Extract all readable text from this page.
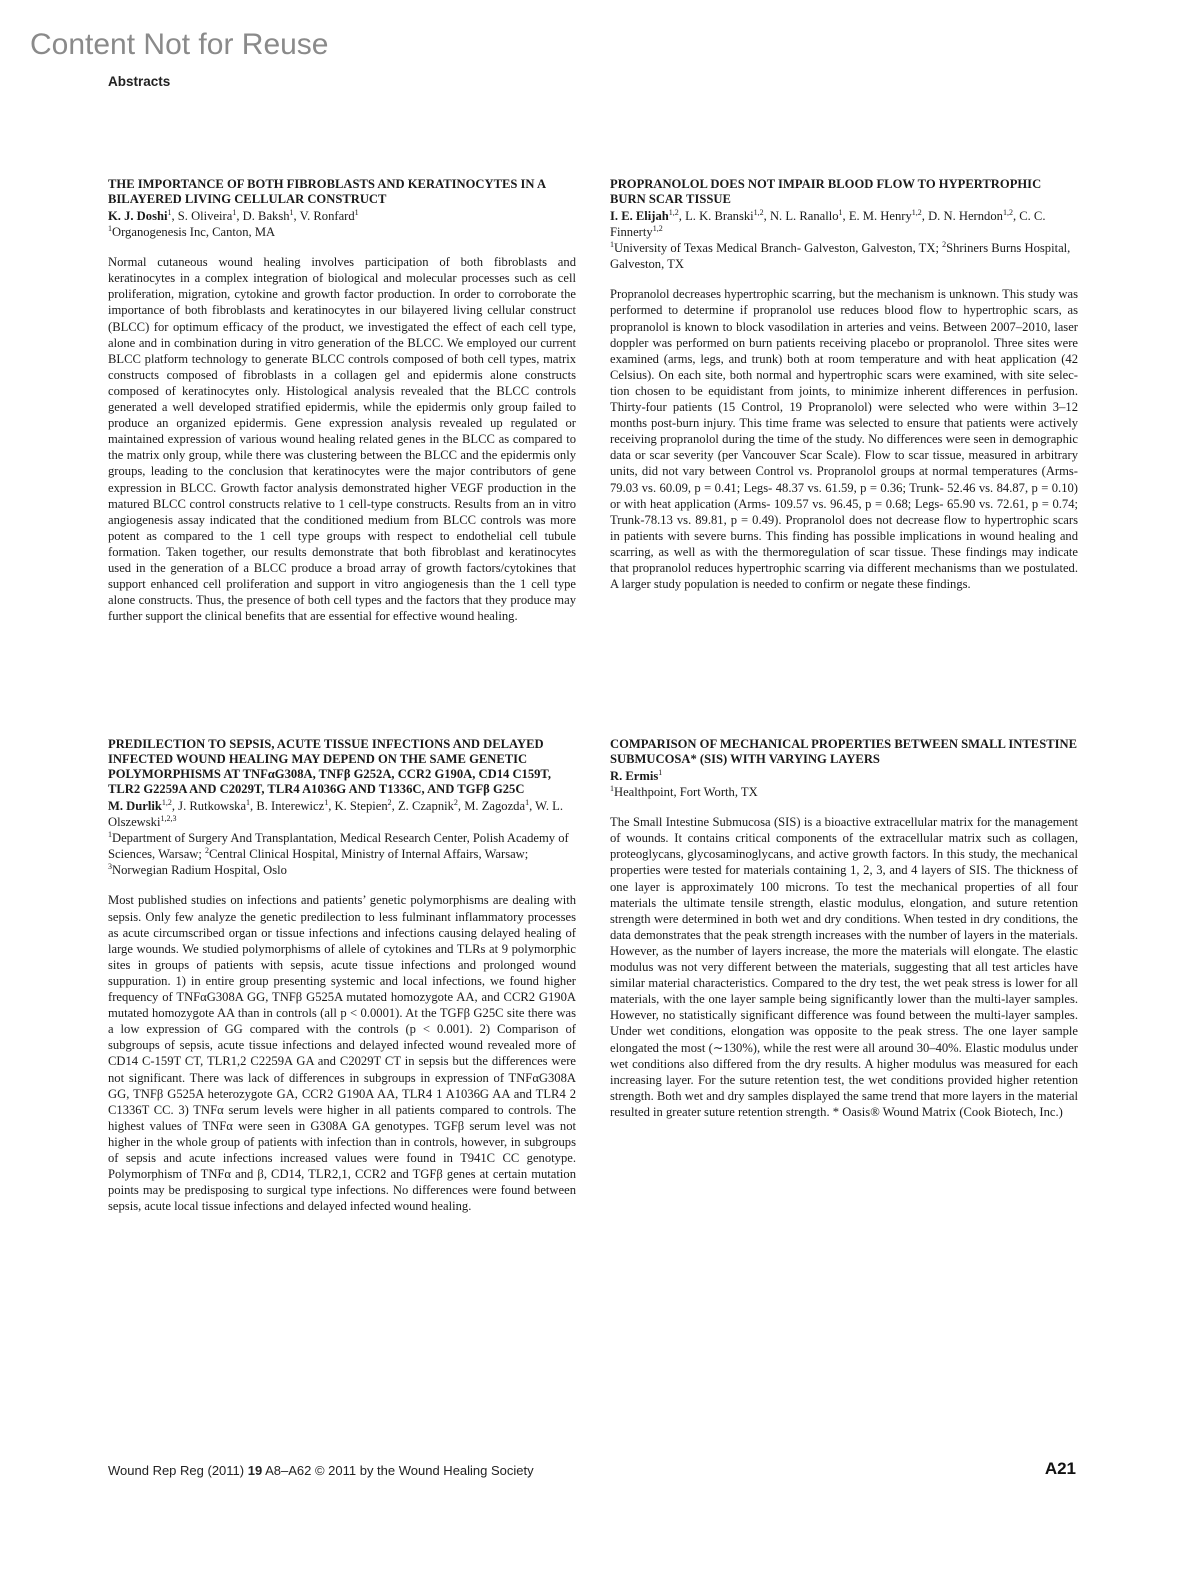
Content Not for Reuse
Abstracts
THE IMPORTANCE OF BOTH FIBROBLASTS AND KERATINOCYTES IN A BILAYERED LIVING CELLULAR CONSTRUCT
K. J. Doshi$^1$, S. Oliveira$^1$, D. Baksh$^1$, V. Ronfard$^1$
$^1$Organogenesis Inc, Canton, MA

Normal cutaneous wound healing involves participation of both fibroblasts and keratinocytes in a complex integration of biological and molecular processes such as cell proliferation, migration, cytokine and growth factor production. In order to corroborate the importance of both fibroblasts and keratinocytes in our bilayered living cellular construct (BLCC) for optimum efficacy of the product, we investigated the effect of each cell type, alone and in combination during in vitro generation of the BLCC. We employed our current BLCC platform technology to generate BLCC controls composed of both cell types, matrix constructs composed of fibroblasts in a collagen gel and epidermis alone constructs composed of keratinocytes only. Histological analysis revealed that the BLCC controls generated a well developed stratified epidermis, while the epidermis only group failed to produce an organized epidermis. Gene expression analysis revealed up regulated or maintained expression of various wound healing related genes in the BLCC as compared to the matrix only group, while there was clustering between the BLCC and the epidermis only groups, leading to the conclusion that keratinocytes were the major contributors of gene expression in BLCC. Growth factor analysis demonstrated higher VEGF production in the matured BLCC control constructs relative to 1 cell-type constructs. Results from an in vitro angiogenesis assay indicated that the conditioned medium from BLCC controls was more potent as compared to the 1 cell type groups with respect to endothelial cell tubule formation. Taken together, our results demonstrate that both fibroblast and keratinocytes used in the generation of a BLCC produce a broad array of growth factors/cytokines that support enhanced cell proliferation and support in vitro angiogenesis than the 1 cell type alone constructs. Thus, the presence of both cell types and the factors that they produce may further support the clinical benefits that are essential for effective wound healing.

PROPRANOLOL DOES NOT IMPAIR BLOOD FLOW TO HYPERTROPHIC BURN SCAR TISSUE
I. E. Elijah$^{1,2}$, L. K. Branski$^{1,2}$, N. L. Ranallo$^1$, E. M. Henry$^{1,2}$, D. N. Herndon$^{1,2}$, C. C. Finnerty$^{1,2}$
$^1$University of Texas Medical Branch- Galveston, Galveston, TX; $^2$Shriners Burns Hospital, Galveston, TX

Propranolol decreases hypertrophic scarring, but the mechanism is unknown. This study was performed to determine if propranolol use reduces blood flow to hypertrophic scars, as propranolol is known to block vasodilation in arteries and veins. Between 2007–2010, laser doppler was performed on burn patients receiving placebo or propranolol. Three sites were examined (arms, legs, and trunk) both at room temperature and with heat application (42 Celsius). On each site, both normal and hypertrophic scars were examined, with site selection chosen to be equidistant from joints, to minimize inherent differences in perfusion. Thirty-four patients (15 Control, 19 Propranolol) were selected who were within 3–12 months post-burn injury. This time frame was selected to ensure that patients were actively receiving propranolol during the time of the study. No differences were seen in demographic data or scar severity (per Vancouver Scar Scale). Flow to scar tissue, measured in arbitrary units, did not vary between Control vs. Propranolol groups at normal temperatures (Arms- 79.03 vs. 60.09, p = 0.41; Legs- 48.37 vs. 61.59, p = 0.36; Trunk- 52.46 vs. 84.87, p = 0.10) or with heat application (Arms- 109.57 vs. 96.45, p = 0.68; Legs- 65.90 vs. 72.61, p = 0.74; Trunk-78.13 vs. 89.81, p = 0.49). Propranolol does not decrease flow to hypertrophic scars in patients with severe burns. This finding has possible implications in wound healing and scarring, as well as with the thermoregulation of scar tissue. These findings may indicate that propranolol reduces hypertrophic scarring via different mechanisms than we postulated. A larger study population is needed to confirm or negate these findings.

PREDILECTION TO SEPSIS, ACUTE TISSUE INFECTIONS AND DELAYED INFECTED WOUND HEALING MAY DEPEND ON THE SAME GENETIC POLYMORPHISMS AT TNFαG308A, TNFβ G252A, CCR2 G190A, CD14 C159T, TLR2 G2259A AND C2029T, TLR4 A1036G AND T1336C, AND TGFβ G25C
M. Durlik$^{1,2}$, J. Rutkowska$^1$, B. Interewicz$^1$, K. Stepien$^2$, Z. Czapnik$^2$, M. Zagozda$^1$, W. L. Olszewski$^{1,2,3}$
$^1$Department of Surgery And Transplantation, Medical Research Center, Polish Academy of Sciences, Warsaw; $^2$Central Clinical Hospital, Ministry of Internal Affairs, Warsaw; $^3$Norwegian Radium Hospital, Oslo

Most published studies on infections and patients’ genetic polymorphisms are dealing with sepsis. Only few analyze the genetic predilection to less fulminant inflammatory processes as acute circumscribed organ or tissue infections and infections causing delayed healing of large wounds. We studied polymorphisms of allele of cytokines and TLRs at 9 polymorphic sites in groups of patients with sepsis, acute tissue infections and prolonged wound suppuration. 1) in entire group presenting systemic and local infections, we found higher frequency of TNFαG308A GG, TNFβ G525A mutated homozygote AA, and CCR2 G190A mutated homozygote AA than in controls (all p < 0.0001). At the TGFβ G25C site there was a low expression of GG compared with the controls (p < 0.001). 2) Comparison of subgroups of sepsis, acute tissue infections and delayed infected wound revealed more of CD14 C-159T CT, TLR1,2 C2259A GA and C2029T CT in sepsis but the differences were not significant. There was lack of differences in subgroups in expression of TNFαG308A GG, TNFβ G525A heterozygote GA, CCR2 G190A AA, TLR4 1 A1036G AA and TLR4 2 C1336T CC. 3) TNFα serum levels were higher in all patients compared to controls. The highest values of TNFα were seen in G308A GA genotypes. TGFβ serum level was not higher in the whole group of patients with infection than in controls, however, in subgroups of sepsis and acute infections increased values were found in T941C CC genotype. Polymorphism of TNFα and β, CD14, TLR2,1, CCR2 and TGFβ genes at certain mutation points may be predisposing to surgical type infections. No differences were found between sepsis, acute local tissue infections and delayed infected wound healing.

COMPARISON OF MECHANICAL PROPERTIES BETWEEN SMALL INTESTINE SUBMUCOSA* (SIS) WITH VARYING LAYERS
R. Ermis$^1$
$^1$Healthpoint, Fort Worth, TX

The Small Intestine Submucosa (SIS) is a bioactive extracellular matrix for the management of wounds. It contains critical components of the extracellular matrix such as collagen, proteoglycans, glycosaminoglycans, and active growth factors. In this study, the mechanical properties were tested for materials containing 1, 2, 3, and 4 layers of SIS. The thickness of one layer is approximately 100 microns. To test the mechanical properties of all four materials the ultimate tensile strength, elastic modulus, elongation, and suture retention strength were determined in both wet and dry conditions. When tested in dry conditions, the data demonstrates that the peak strength increases with the number of layers in the materials. However, as the number of layers increase, the more the materials will elongate. The elastic modulus was not very different between the materials, suggesting that all test articles have similar material characteristics. Compared to the dry test, the wet peak stress is lower for all materials, with the one layer sample being significantly lower than the multi-layer samples. However, no statistically significant difference was found between the multi-layer samples. Under wet conditions, elongation was opposite to the peak stress. The one layer sample elongated the most (∼130%), while the rest were all around 30–40%. Elastic modulus under wet conditions also differed from the dry results. A higher modulus was measured for each increasing layer. For the suture retention test, the wet conditions provided higher retention strength. Both wet and dry samples displayed the same trend that more layers in the material resulted in greater suture retention strength. * Oasis® Wound Matrix (Cook Biotech, Inc.)

Wound Rep Reg (2011) 19 A8–A62 © 2011 by the Wound Healing Society	A21
